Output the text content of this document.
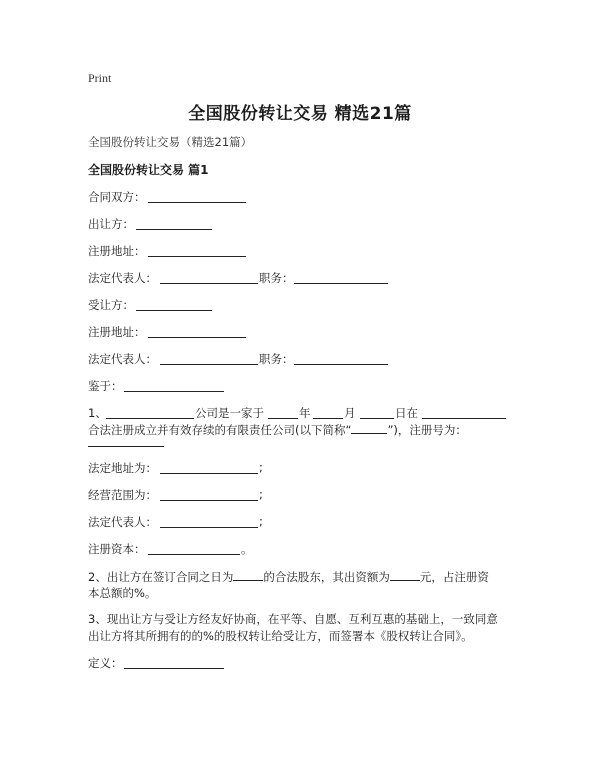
Print
全国股份转让交易 精选21篇
全国股份转让交易（精选21篇）
全国股份转让交易 篇1
合同双方：
出让方：
注册地址：
法定代表人：	职务：
受让方：
注册地址：
法定代表人：	职务：
鉴于：
1、	公司是一家于	年	月	日在
合法注册成立并有效存续的有限责任公司(以下简称“	”)，注册号为：
法定地址为：	;
经营范围为：	;
法定代表人：	;
注册资本：	。
2、出让方在签订合同之日为	的合法股东，其出资额为	元，占注册资
本总额的%。
3、现出让方与受让方经友好协商，在平等、自愿、互利互惠的基础上，一致同意
出让方将其所拥有的的%的股权转让给受让方，而签署本《股权转让合同》。
定义：
